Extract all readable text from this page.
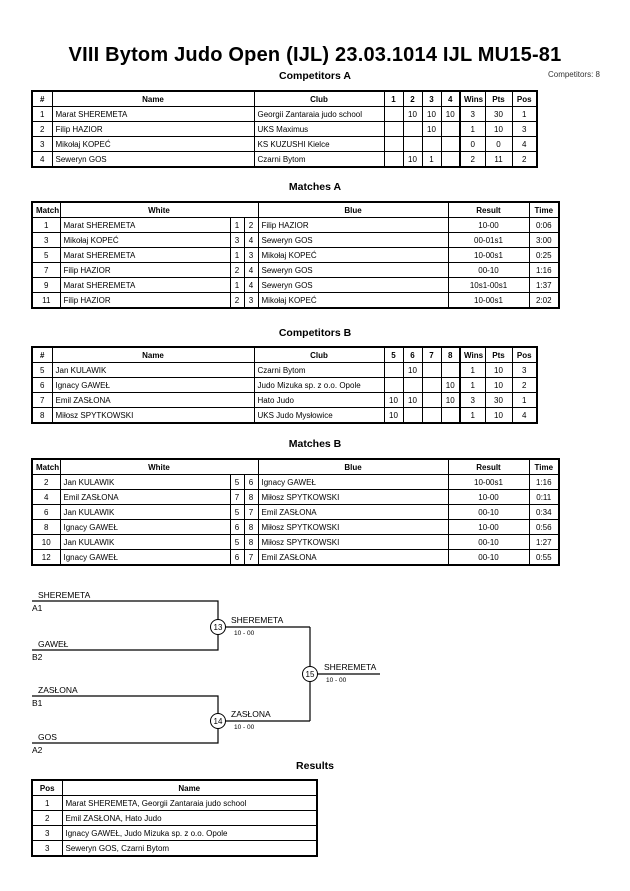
VIII Bytom Judo Open (IJL) 23.03.1014 IJL MU15-81
Competitors: 8
Competitors A
#	Name	Club	1	2	3	4	Wins	Pts	Pos
1	Marat SHEREMETA	Georgii Zantaraia judo school		10	10	10	3	30	1
2	Filip HAZIOR	UKS Maximus			10		1	10	3
3	Mikołaj KOPEĆ	KS KUZUSHI Kielce					0	0	4
4	Seweryn GOS	Czarni Bytom		10	1		2	11	2
Matches A
Match	White			Blue	Result	Time
1	Marat SHEREMETA	1	2	Filip HAZIOR	10-00	0:06
3	Mikołaj KOPEĆ	3	4	Seweryn GOS	00-01s1	3:00
5	Marat SHEREMETA	1	3	Mikołaj KOPEĆ	10-00s1	0:25
7	Filip HAZIOR	2	4	Seweryn GOS	00-10	1:16
9	Marat SHEREMETA	1	4	Seweryn GOS	10s1-00s1	1:37
11	Filip HAZIOR	2	3	Mikołaj KOPEĆ	10-00s1	2:02
Competitors B
#	Name	Club	5	6	7	8	Wins	Pts	Pos
5	Jan KULAWIK	Czarni Bytom		10			1	10	3
6	Ignacy GAWEŁ	Judo Mizuka sp. z o.o. Opole				10	1	10	2
7	Emil ZASŁONA	Hato Judo	10	10		10	3	30	1
8	Miłosz SPYTKOWSKI	UKS Judo Mysłowice	10				1	10	4
Matches B
Match	White			Blue	Result	Time
2	Jan KULAWIK	5	6	Ignacy GAWEŁ	10-00s1	1:16
4	Emil ZASŁONA	7	8	Miłosz SPYTKOWSKI	10-00	0:11
6	Jan KULAWIK	5	7	Emil ZASŁONA	00-10	0:34
8	Ignacy GAWEŁ	6	8	Miłosz SPYTKOWSKI	10-00	0:56
10	Jan KULAWIK	5	8	Miłosz SPYTKOWSKI	00-10	1:27
12	Ignacy GAWEŁ	6	7	Emil ZASŁONA	00-10	0:55
SHEREMETA
A1
GAWEŁ
B2
SHEREMETA
ZASŁONA
B1
GOS
A2
ZASŁONA
SHEREMETA
10 - 00
10 - 00
10 - 00
13
14
15
Results
Pos	Name
1	Marat SHEREMETA, Georgii Zantaraia judo school
2	Emil ZASŁONA, Hato Judo
3	Ignacy GAWEŁ, Judo Mizuka sp. z o.o. Opole
3	Seweryn GOS, Czarni Bytom
